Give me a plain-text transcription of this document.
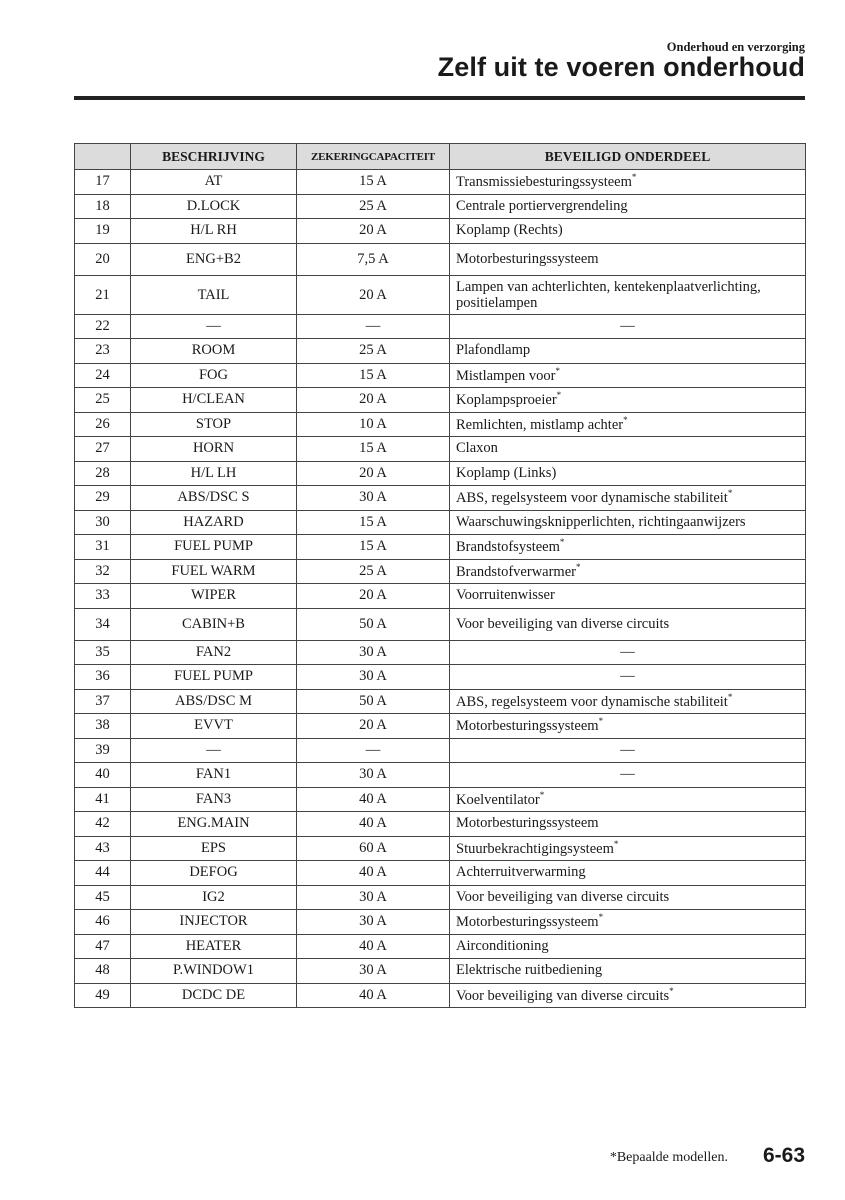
Onderhoud en verzorging
Zelf uit te voeren onderhoud
	BESCHRIJVING	ZEKERINGCAPACITEIT	BEVEILIGD ONDERDEEL
17	AT	15 A	Transmissiebesturingssysteem*
18	D.LOCK	25 A	Centrale portiervergrendeling
19	H/L RH	20 A	Koplamp (Rechts)
20	ENG+B2	7,5 A	Motorbesturingssysteem
21	TAIL	20 A	Lampen van achterlichten, kentekenplaatverlichting, positielampen
22	—	—	—
23	ROOM	25 A	Plafondlamp
24	FOG	15 A	Mistlampen voor*
25	H/CLEAN	20 A	Koplampsproeier*
26	STOP	10 A	Remlichten, mistlamp achter*
27	HORN	15 A	Claxon
28	H/L LH	20 A	Koplamp (Links)
29	ABS/DSC S	30 A	ABS, regelsysteem voor dynamische stabiliteit*
30	HAZARD	15 A	Waarschuwingsknipperlichten, richtingaanwijzers
31	FUEL PUMP	15 A	Brandstofsysteem*
32	FUEL WARM	25 A	Brandstofverwarmer*
33	WIPER	20 A	Voorruitenwisser
34	CABIN+B	50 A	Voor beveiliging van diverse circuits
35	FAN2	30 A	—
36	FUEL PUMP	30 A	—
37	ABS/DSC M	50 A	ABS, regelsysteem voor dynamische stabiliteit*
38	EVVT	20 A	Motorbesturingssysteem*
39	—	—	—
40	FAN1	30 A	—
41	FAN3	40 A	Koelventilator*
42	ENG.MAIN	40 A	Motorbesturingssysteem
43	EPS	60 A	Stuurbekrachtigingsysteem*
44	DEFOG	40 A	Achterruitverwarming
45	IG2	30 A	Voor beveiliging van diverse circuits
46	INJECTOR	30 A	Motorbesturingssysteem*
47	HEATER	40 A	Airconditioning
48	P.WINDOW1	30 A	Elektrische ruitbediening
49	DCDC DE	40 A	Voor beveiliging van diverse circuits*
*Bepaalde modellen. 6-63
